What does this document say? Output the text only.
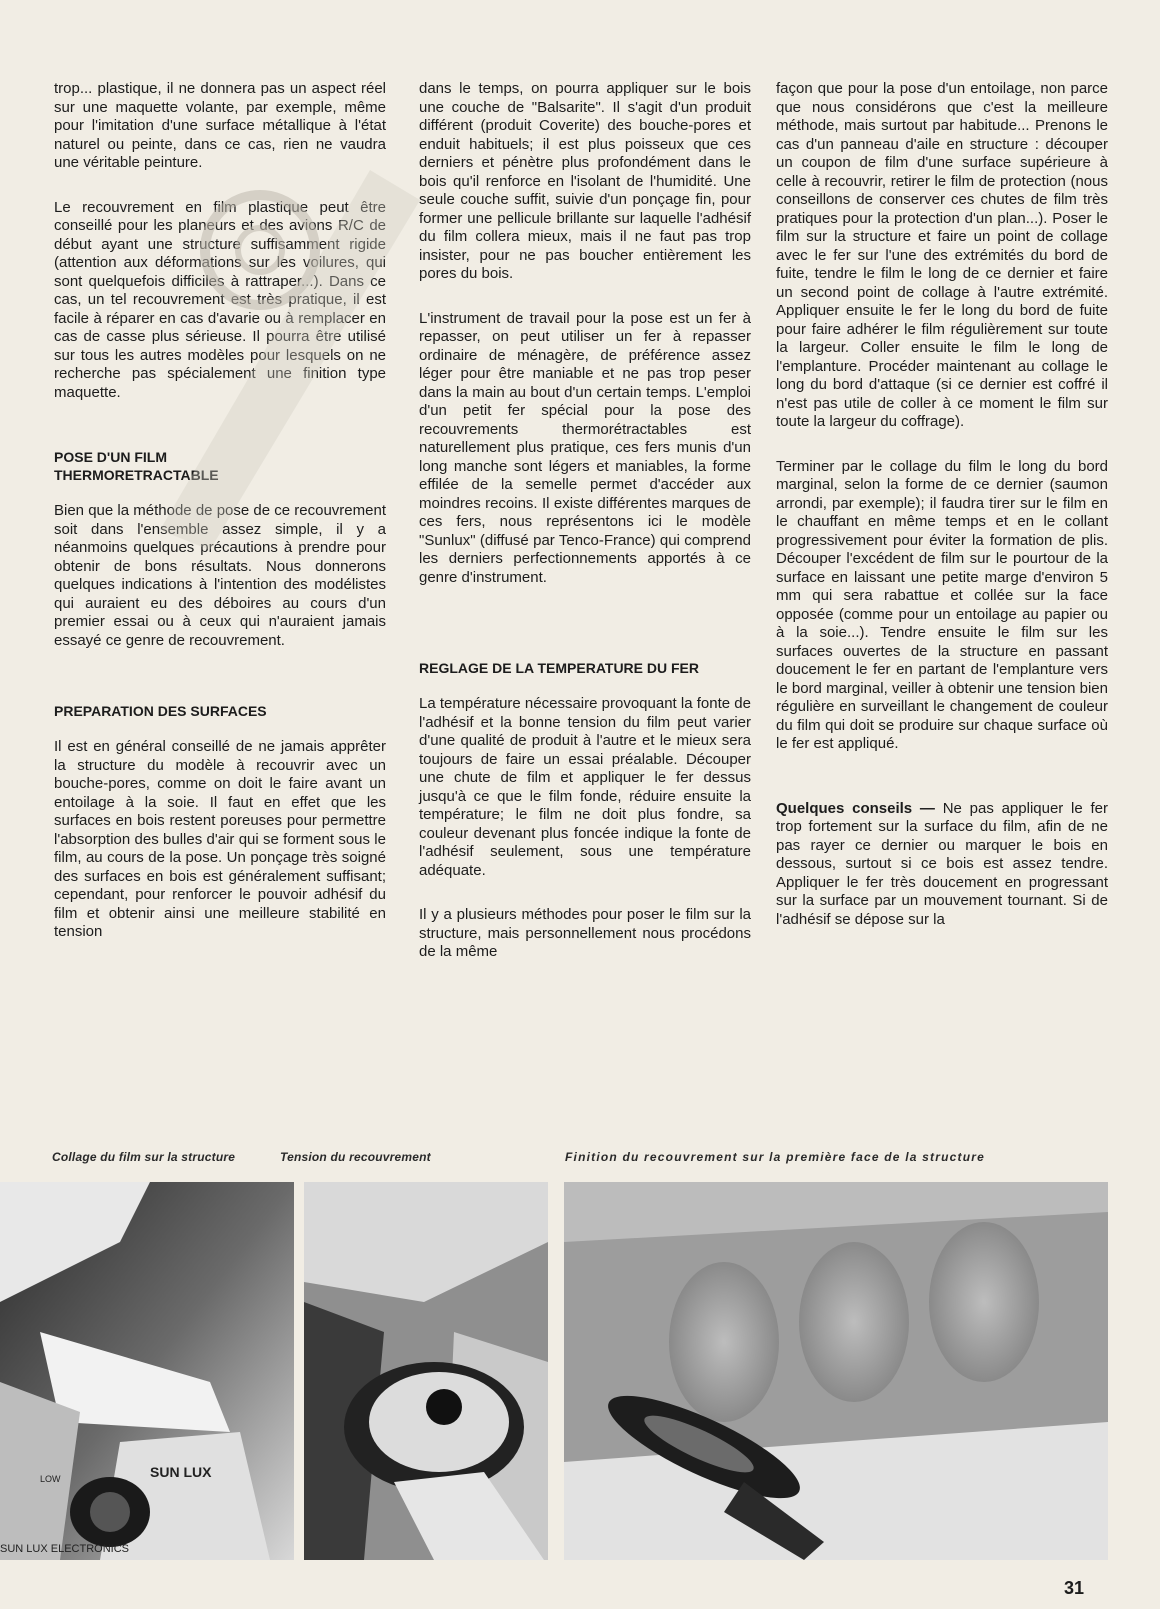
trop... plastique, il ne donnera pas un aspect réel sur une maquette volante, par exemple, même pour l'imitation d'une surface métallique à l'état naturel ou peinte, dans ce cas, rien ne vaudra une véritable peinture.

Le recouvrement en film plastique peut être conseillé pour les planeurs et des avions R/C de début ayant une structure suffisamment rigide (attention aux déformations sur les voilures, qui sont quelquefois difficiles à rattraper...). Dans ce cas, un tel recouvrement est très pratique, il est facile à réparer en cas d'avarie ou à remplacer en cas de casse plus sérieuse. Il pourra être utilisé sur tous les autres modèles pour lesquels on ne recherche pas spécialement une finition type maquette.

POSE D'UN FILM
THERMORETRACTABLE

Bien que la méthode de pose de ce recouvrement soit dans l'ensemble assez simple, il y a néanmoins quelques précautions à prendre pour obtenir de bons résultats. Nous donnerons quelques indications à l'intention des modélistes qui auraient eu des déboires au cours d'un premier essai ou à ceux qui n'auraient jamais essayé ce genre de recouvrement.

PREPARATION DES SURFACES

Il est en général conseillé de ne jamais apprêter la structure du modèle à recouvrir avec un bouche-pores, comme on doit le faire avant un entoilage à la soie. Il faut en effet que les surfaces en bois restent poreuses pour permettre l'absorption des bulles d'air qui se forment sous le film, au cours de la pose. Un ponçage très soigné des surfaces en bois est généralement suffisant; cependant, pour renforcer le pouvoir adhésif du film et obtenir ainsi une meilleure stabilité en tension

dans le temps, on pourra appliquer sur le bois une couche de "Balsarite". Il s'agit d'un produit différent (produit Coverite) des bouche-pores et enduit habituels; il est plus poisseux que ces derniers et pénètre plus profondément dans le bois qu'il renforce en l'isolant de l'humidité. Une seule couche suffit, suivie d'un ponçage fin, pour former une pellicule brillante sur laquelle l'adhésif du film collera mieux, mais il ne faut pas trop insister, pour ne pas boucher entièrement les pores du bois.

L'instrument de travail pour la pose est un fer à repasser, on peut utiliser un fer à repasser ordinaire de ménagère, de préférence assez léger pour être maniable et ne pas trop peser dans la main au bout d'un certain temps. L'emploi d'un petit fer spécial pour la pose des recouvrements thermorétractables est naturellement plus pratique, ces fers munis d'un long manche sont légers et maniables, la forme effilée de la semelle permet d'accéder aux moindres recoins. Il existe différentes marques de ces fers, nous représentons ici le modèle "Sunlux" (diffusé par Tenco-France) qui comprend les derniers perfectionnements apportés à ce genre d'instrument.

REGLAGE DE LA TEMPERATURE DU FER

La température nécessaire provoquant la fonte de l'adhésif et la bonne tension du film peut varier d'une qualité de produit à l'autre et le mieux sera toujours de faire un essai préalable. Découper une chute de film et appliquer le fer dessus jusqu'à ce que le film fonde, réduire ensuite la température; le film ne doit plus fondre, sa couleur devenant plus foncée indique la fonte de l'adhésif seulement, sous une température adéquate.

Il y a plusieurs méthodes pour poser le film sur la structure, mais personnellement nous procédons de la même

façon que pour la pose d'un entoilage, non parce que nous considérons que c'est la meilleure méthode, mais surtout par habitude... Prenons le cas d'un panneau d'aile en structure : découper un coupon de film d'une surface supérieure à celle à recouvrir, retirer le film de protection (nous conseillons de conserver ces chutes de film très pratiques pour la protection d'un plan...). Poser le film sur la structure et faire un point de collage avec le fer sur l'une des extrémités du bord de fuite, tendre le film le long de ce dernier et faire un second point de collage à l'autre extrémité. Appliquer ensuite le fer le long du bord de fuite pour faire adhérer le film régulièrement sur toute la largeur. Coller ensuite le film le long de l'emplanture. Procéder maintenant au collage le long du bord d'attaque (si ce dernier est coffré il n'est pas utile de coller à ce moment le film sur toute la largeur du coffrage).

Terminer par le collage du film le long du bord marginal, selon la forme de ce dernier (saumon arrondi, par exemple); il faudra tirer sur le film en le chauffant en même temps et en le collant progressivement pour éviter la formation de plis. Découper l'excédent de film sur le pourtour de la surface en laissant une petite marge d'environ 5 mm qui sera rabattue et collée sur la face opposée (comme pour un entoilage au papier ou à la soie...). Tendre ensuite le film sur les surfaces ouvertes de la structure en passant doucement le fer en partant de l'emplanture vers le bord marginal, veiller à obtenir une tension bien régulière en surveillant le changement de couleur du film qui doit se produire sur chaque surface où le fer est appliqué.

Quelques conseils — Ne pas appliquer le fer trop fortement sur la surface du film, afin de ne pas rayer ce dernier ou marquer le bois en dessous, surtout si ce bois est assez tendre. Appliquer le fer très doucement en progressant sur la surface par un mouvement tournant. Si de l'adhésif se dépose sur la

Collage du film sur la structure	Tension du recouvrement	Finition du recouvrement sur la première face de la structure
SUN LUX
LOW
SUN LUX ELECTRONICS
31
